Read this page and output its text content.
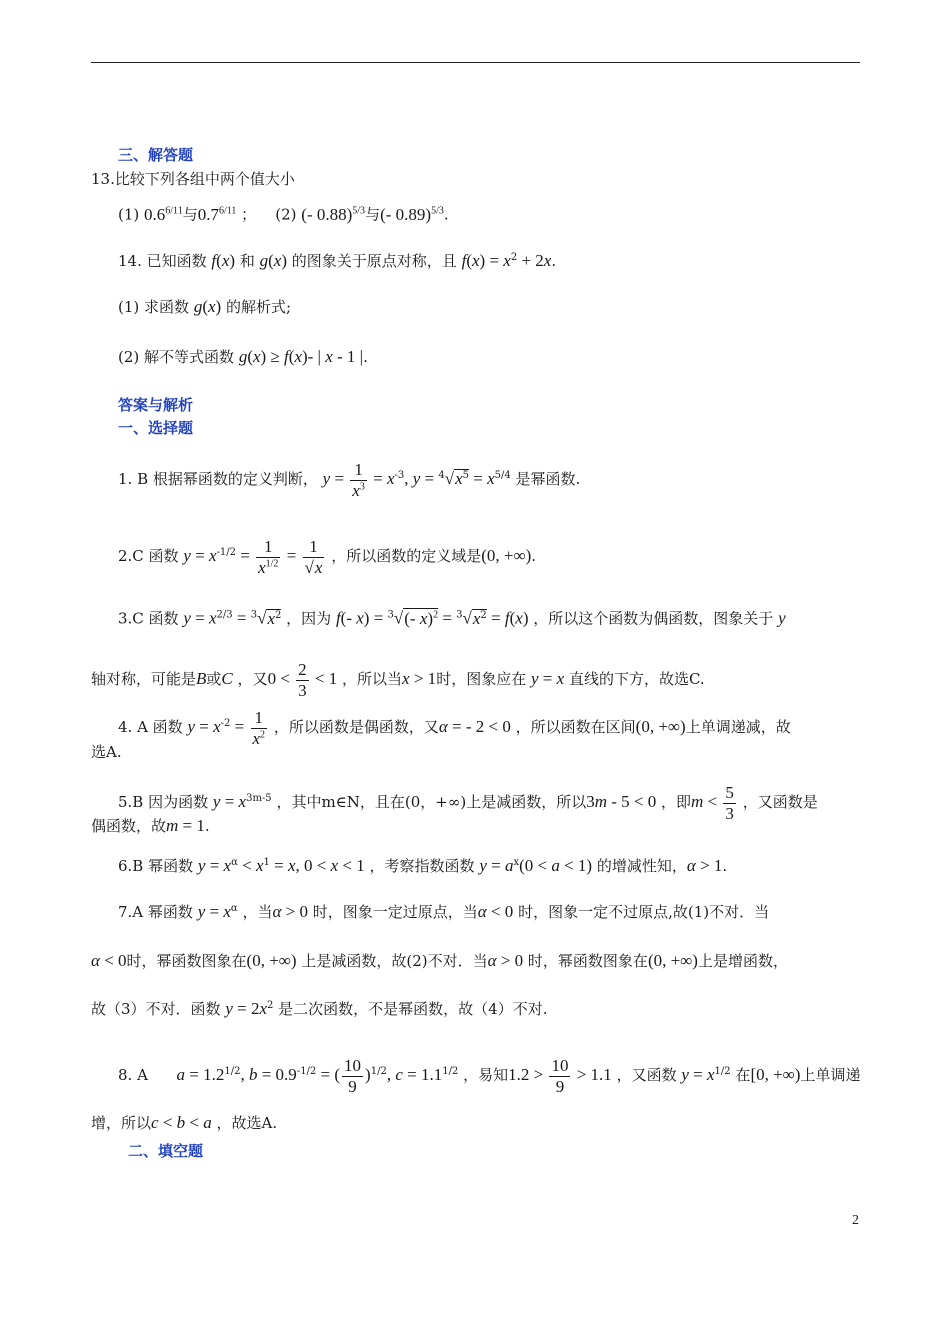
三、解答题
13.比较下列各组中两个值大小
(1) $0.6^{6/11}$与$0.7^{6/11}$ ； (2) (- 0.88)$^{5/3}$与(- 0.89)$^{5/3}$.
14. 已知函数 f(x) 和 g(x) 的图象关于原点对称，且 $f(x) = x^2 + 2x$.
(1) 求函数 g(x) 的解析式;
(2) 解不等式函数 g(x) ≥ f(x)- | x - 1 |.
答案与解析
一、选择题
1. B 根据幂函数的定义判断， $y = \frac{1}{x^3} = x^{-3}$, $y = ^4√x^5 = x^{5/4}$ 是幂函数.
2.C 函数 $y = x^{-1/2} = \frac{1}{x^{1/2}} = \frac{1}{√x}$ ，所以函数的定义域是(0, +∞).
3.C 函数 $y = x^{2/3} = ^3√x^2$ ，因为 f(- x) = $^3$√(- $x)^2 = ^3√x^2 = f(x)$ ，所以这个函数为偶函数，图象关于 y
轴对称，可能是B或C ，又$0 < \frac{2}{3} < 1$ ，所以当x > 1时，图象应在 y = x 直线的下方，故选C.
4. A 函数 $y = x^{-2} = \frac{1}{x^2}$ ，所以函数是偶函数，又α = - 2 < 0 ，所以函数在区间(0, +∞)上单调递减，故
选A.
5.B 因为函数 $y = x^{3m-5}$ ，其中m∈N，且在(0，+∞)上是减函数，所以3m - 5 < 0 ，即$m < \frac{5}{3}$ ，又函数是
偶函数，故m = 1.
6.B 幂函数 $y = x^\alpha < x^1 = x$, 0 < x < 1 ，考察指数函数 $y = a^x(0 < a < 1)$ 的增减性知，α > 1.
7.A 幂函数 $y = x^\alpha$ ，当α > 0 时，图象一定过原点，当α < 0 时，图象一定不过原点,故(1)不对．当
α < 0时，幂函数图象在(0, +∞) 上是减函数，故(2)不对．当α > 0 时，幂函数图象在(0, +∞)上是增函数，
故（3）不对．函数 $y = 2x^2$ 是二次函数，不是幂函数，故（4）不对.
8. A $a = 1.2^{1/2}$, $b = 0.9^{-1/2}$ = ( $\frac{10}{9} )^{1/2}$, $c = 1.1^{1/2}$ ，易知$1.2 > \frac{10}{9} > 1.1$ ，又函数 $y = x^{1/2}$ 在[0, +∞)上单调递
增，所以c < b < a ，故选A.
二、填空题
2
